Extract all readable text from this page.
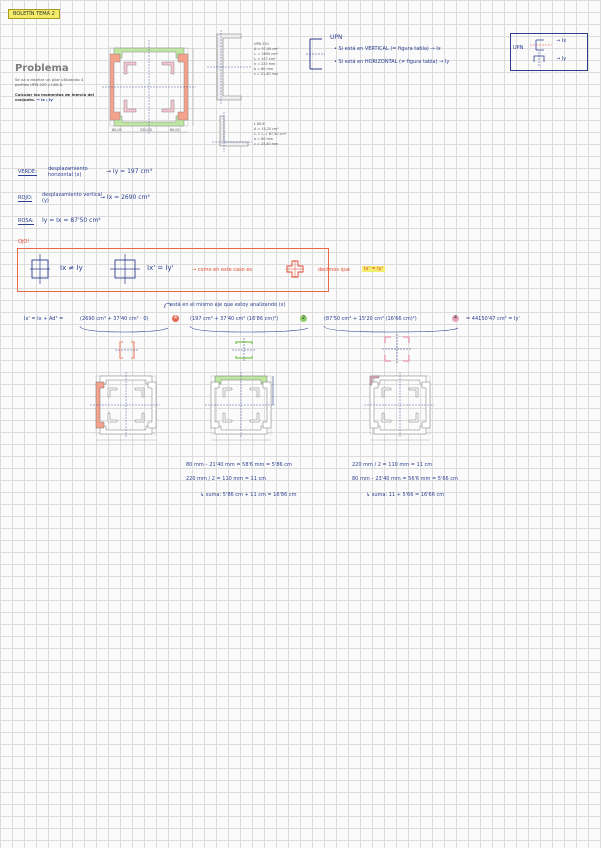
BOLETÍN TEMA 2
Problema
Se va a diseñar un pilar utilizando 4 perfiles UPN 220 y L80.8.
Calcular los momentos de inercia del conjunto. → Ix ; Iy
80,00	220,00	80,00
UPN 220
A = 37,40 cm²
Iₓ = 2690 cm⁴
Iᵧ = 197 cm⁴
h = 220 mm
b = 80 mm
c = 21,40 mm
L 80.8
A = 15,20 cm²
Iₓ = Iᵧ = 87,50 cm⁴
a = 80 mm
c = 23,40 mm
UPN
• Si está en VERTICAL (= figura tabla) → Ix
• Si está en HORIZONTAL (≠ figura tabla) → Iy
UPN
→ Ix
→ Iy
VERDE: desplazamiento horizontal (x)	→ Iy = 197 cm⁴
ROJO: desplazamiento vertical (y)	→ Ix = 2690 cm⁴
ROSA: Iy = Ix = 87'50 cm⁴
OJO!
Ix ≠ Iy	Ix' = Iy'	→ como en este caso es	decimos que	Ix' = Iy'
está en el mismo eje que estoy analizando (x)
Ix' = Ix + Ad² =	(2690 cm⁴ + 37'40 cm² · 0)	4	(197 cm⁴ + 37'40 cm² (16'86 cm)²)	2	(87'50 cm⁴ + 15'20 cm² (16'66 cm)²)	4	= 44150'47 cm⁴ = Iy'
80 mm – 21'40 mm = 58'6 mm = 5'86 cm
220 mm / 2 = 110 mm = 11 cm
↳ suma: 5'86 cm + 11 cm = 16'86 cm
220 mm / 2 = 110 mm = 11 cm
80 mm – 23'40 mm = 56'6 mm = 5'66 cm
↳ suma: 11 + 5'66 = 16'66 cm
